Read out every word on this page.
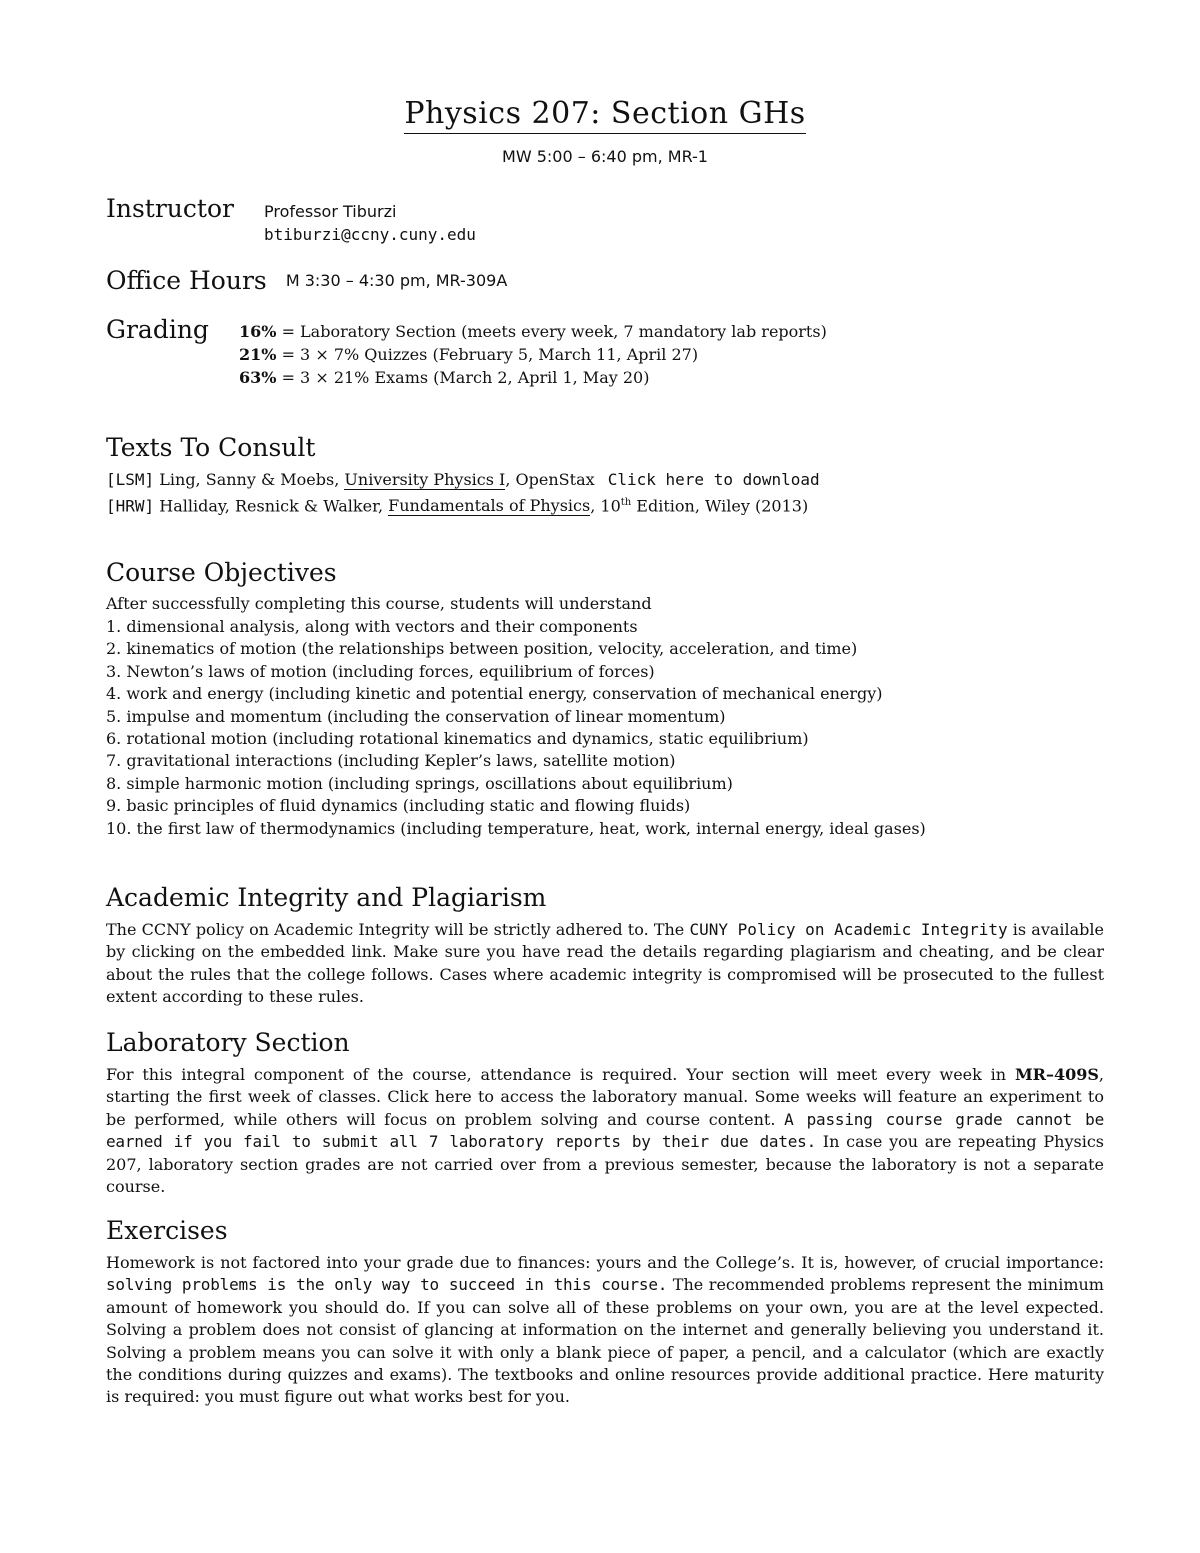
Physics 207: Section GHs
MW 5:00 – 6:40 pm, MR-1
Instructor Professor Tiburzi
btiburzi@ccny.cuny.edu
Office Hours M 3:30 – 4:30 pm, MR-309A
Grading 16% = Laboratory Section (meets every week, 7 mandatory lab reports)
21% = 3 × 7% Quizzes (February 5, March 11, April 27)
63% = 3 × 21% Exams (March 2, April 1, May 20)
Texts To Consult
[LSM] Ling, Sanny & Moebs, University Physics I, OpenStax Click here to download
[HRW] Halliday, Resnick & Walker, Fundamentals of Physics, 10th Edition, Wiley (2013)
Course Objectives
After successfully completing this course, students will understand
1. dimensional analysis, along with vectors and their components
2. kinematics of motion (the relationships between position, velocity, acceleration, and time)
3. Newton’s laws of motion (including forces, equilibrium of forces)
4. work and energy (including kinetic and potential energy, conservation of mechanical energy)
5. impulse and momentum (including the conservation of linear momentum)
6. rotational motion (including rotational kinematics and dynamics, static equilibrium)
7. gravitational interactions (including Kepler’s laws, satellite motion)
8. simple harmonic motion (including springs, oscillations about equilibrium)
9. basic principles of fluid dynamics (including static and flowing fluids)
10. the first law of thermodynamics (including temperature, heat, work, internal energy, ideal gases)
Academic Integrity and Plagiarism
The CCNY policy on Academic Integrity will be strictly adhered to. The CUNY Policy on Academic Integrity is available by clicking on the embedded link. Make sure you have read the details regarding plagiarism and cheating, and be clear about the rules that the college follows. Cases where academic integrity is compromised will be prosecuted to the fullest extent according to these rules.
Laboratory Section
For this integral component of the course, attendance is required. Your section will meet every week in MR–409S, starting the first week of classes. Click here to access the laboratory manual. Some weeks will feature an experiment to be performed, while others will focus on problem solving and course content. A passing course grade cannot be earned if you fail to submit all 7 laboratory reports by their due dates. In case you are repeating Physics 207, laboratory section grades are not carried over from a previous semester, because the laboratory is not a separate course.
Exercises
Homework is not factored into your grade due to finances: yours and the College’s. It is, however, of crucial importance: solving problems is the only way to succeed in this course. The recommended problems represent the minimum amount of homework you should do. If you can solve all of these problems on your own, you are at the level expected. Solving a problem does not consist of glancing at information on the internet and generally believing you understand it. Solving a problem means you can solve it with only a blank piece of paper, a pencil, and a calculator (which are exactly the conditions during quizzes and exams). The textbooks and online resources provide additional practice. Here maturity is required: you must figure out what works best for you.
